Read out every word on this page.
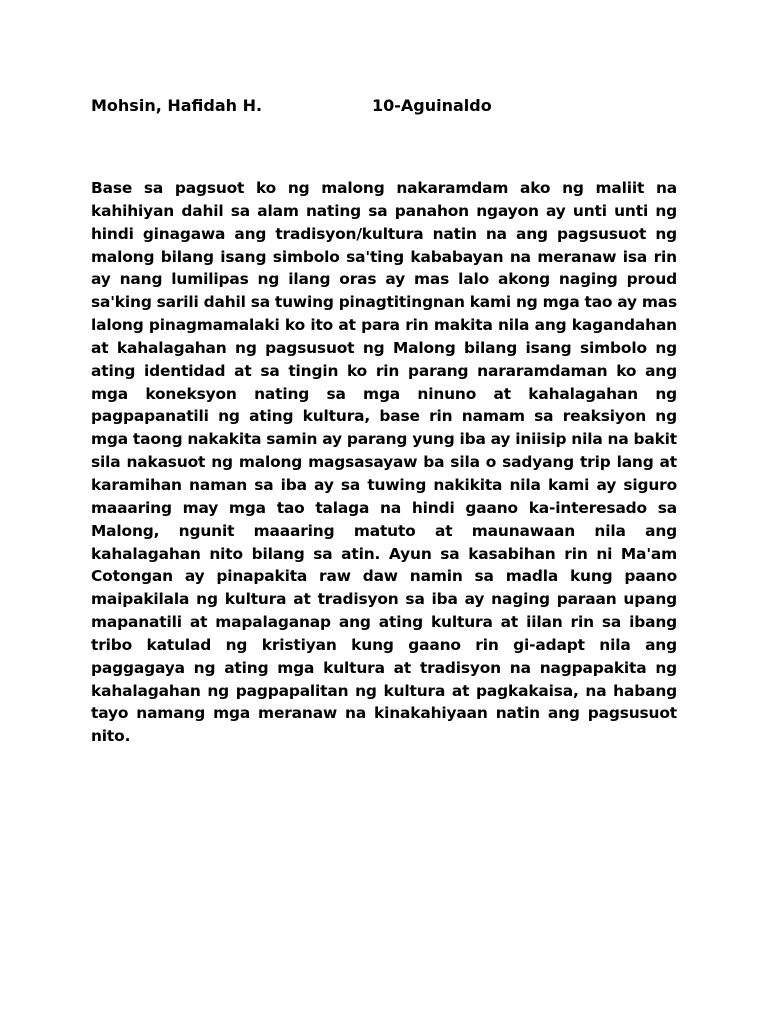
Mohsin, Hafidah H.	10-Aguinaldo
Base sa pagsuot ko ng malong nakaramdam ako ng maliit na kahihiyan dahil sa alam nating sa panahon ngayon ay unti unti ng hindi ginagawa ang tradisyon/kultura natin na ang pagsusuot ng malong bilang isang simbolo sa'ting kababayan na meranaw isa rin ay nang lumilipas ng ilang oras ay mas lalo akong naging proud sa'king sarili dahil sa tuwing pinagtitingnan kami ng mga tao ay mas lalong pinagmamalaki ko ito at para rin makita nila ang kagandahan at kahalagahan ng pagsusuot ng Malong bilang isang simbolo ng ating identidad at sa tingin ko rin parang nararamdaman ko ang mga koneksyon nating sa mga ninuno at kahalagahan ng pagpapanatili ng ating kultura, base rin namam sa reaksiyon ng mga taong nakakita samin ay parang yung iba ay iniisip nila na bakit sila nakasuot ng malong magsasayaw ba sila o sadyang trip lang at karamihan naman sa iba ay sa tuwing nakikita nila kami ay siguro maaaring may mga tao talaga na hindi gaano ka-interesado sa Malong, ngunit maaaring matuto at maunawaan nila ang kahalagahan nito bilang sa atin. Ayun sa kasabihan rin ni Ma'am Cotongan ay pinapakita raw daw namin sa madla kung paano maipakilala ng kultura at tradisyon sa iba ay naging paraan upang mapanatili at mapalaganap ang ating kultura at iilan rin sa ibang tribo katulad ng kristiyan kung gaano rin gi-adapt nila ang paggagaya ng ating mga kultura at tradisyon na nagpapakita ng kahalagahan ng pagpapalitan ng kultura at pagkakaisa, na habang tayo namang mga meranaw na kinakahiyaan natin ang pagsusuot nito.
